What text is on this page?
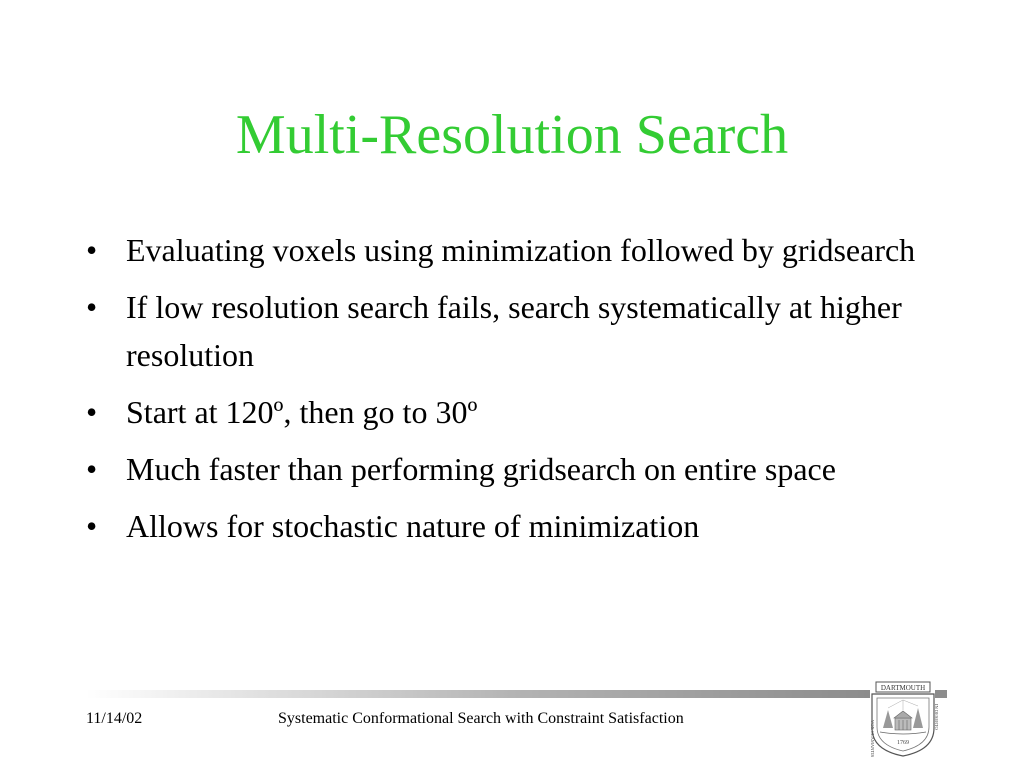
Multi-Resolution Search
• Evaluating voxels using minimization followed by gridsearch
• If low resolution search fails, search systematically at higher resolution
• Start at 120º, then go to 30º
• Much faster than performing gridsearch on entire space
• Allows for stochastic nature of minimization
11/14/02	Systematic Conformational Search with Constraint Satisfaction
DARTMOUTH
1769
VOX CLAMANTIS
IN DESERTO
